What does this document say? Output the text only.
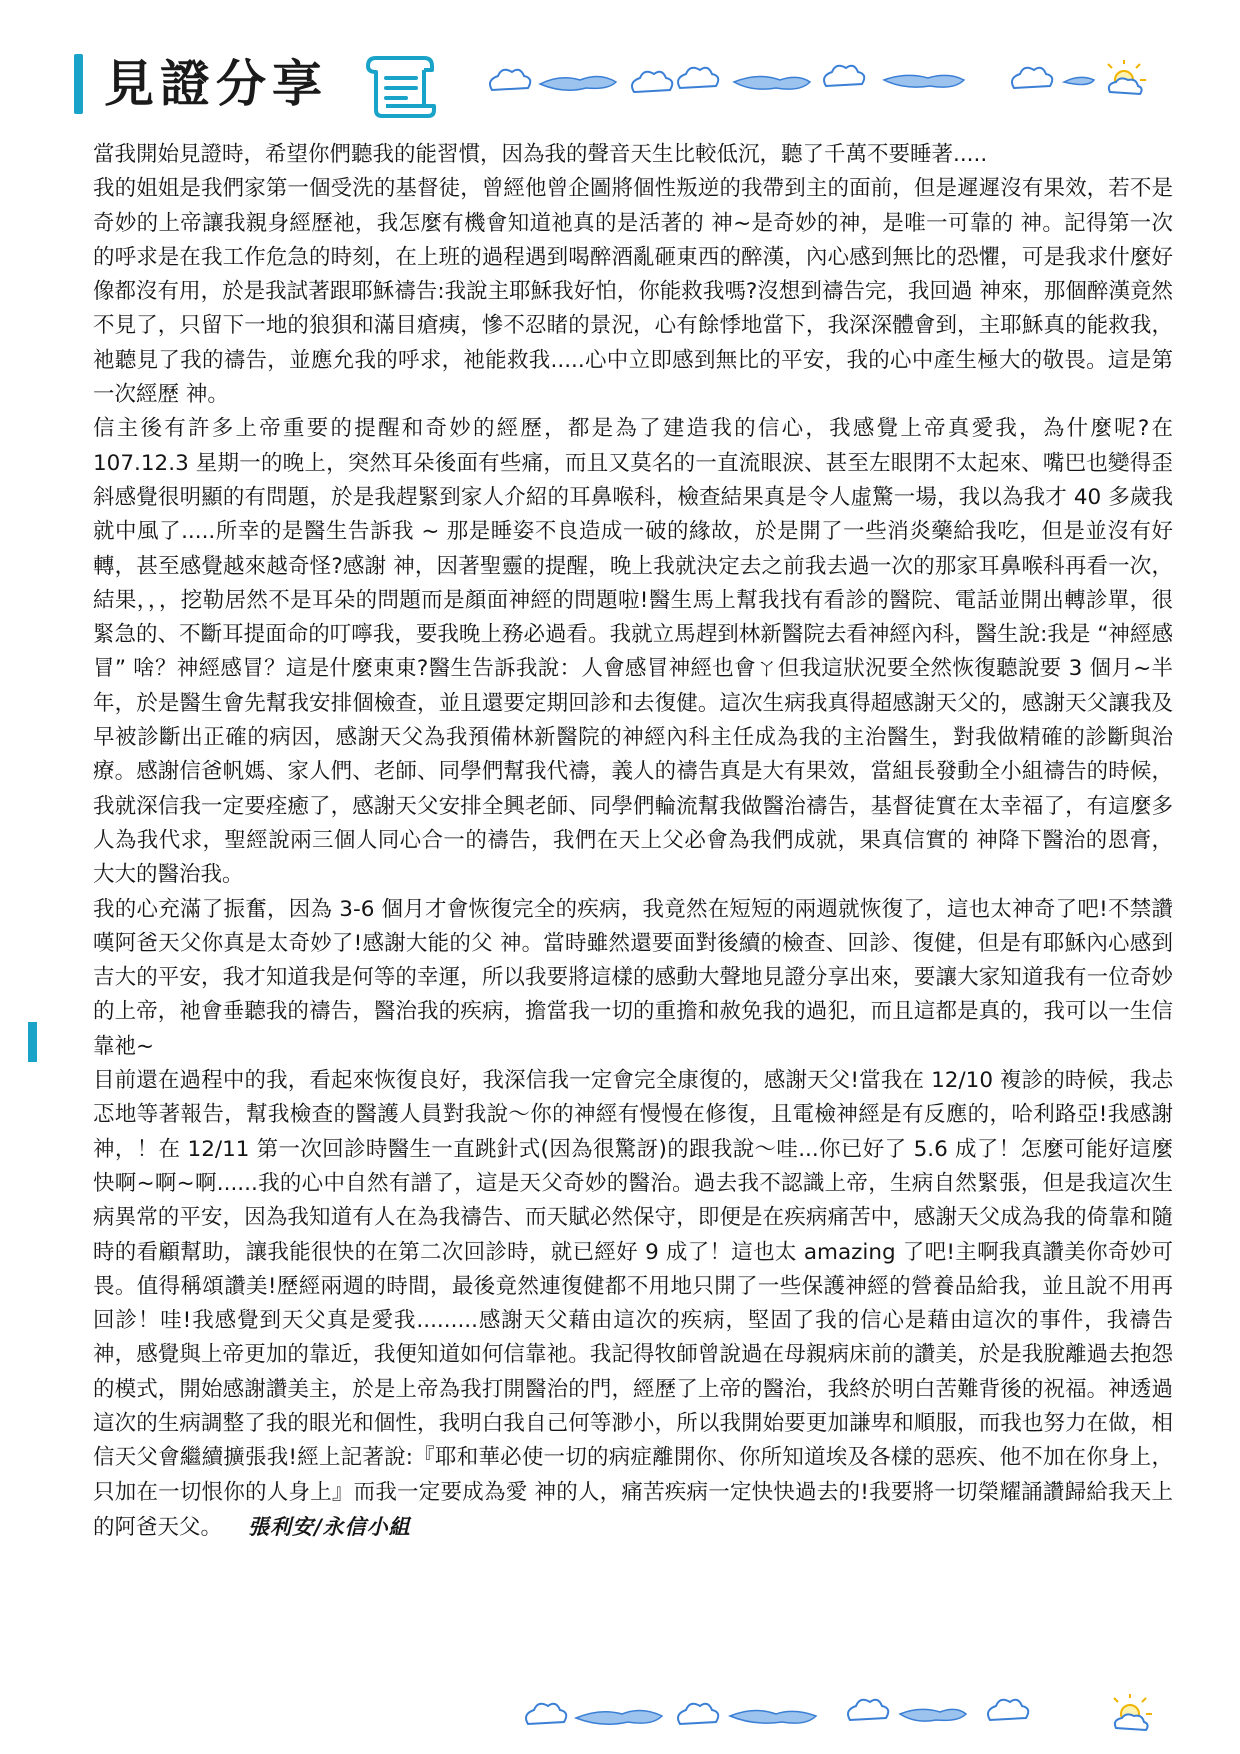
見證分享

當我開始見證時，希望你們聽我的能習慣，因為我的聲音天生比較低沉，聽了千萬不要睡著.....

我的姐姐是我們家第一個受洗的基督徒，曾經他曾企圖將個性叛逆的我帶到主的面前，但是遲遲沒有果效，若不是奇妙的上帝讓我親身經歷祂，我怎麼有機會知道祂真的是活著的 神~是奇妙的神，是唯一可靠的 神。記得第一次的呼求是在我工作危急的時刻，在上班的過程遇到喝醉酒亂砸東西的醉漢，內心感到無比的恐懼，可是我求什麼好像都沒有用，於是我試著跟耶穌禱告:我說主耶穌我好怕，你能救我嗎?沒想到禱告完，我回過 神來，那個醉漢竟然不見了，只留下一地的狼狽和滿目瘡痍，慘不忍睹的景況，心有餘悸地當下，我深深體會到，主耶穌真的能救我，祂聽見了我的禱告，並應允我的呼求，祂能救我.....心中立即感到無比的平安，我的心中產生極大的敬畏。這是第一次經歷 神。

信主後有許多上帝重要的提醒和奇妙的經歷，都是為了建造我的信心，我感覺上帝真愛我，為什麼呢?在 107.12.3 星期一的晚上，突然耳朵後面有些痛，而且又莫名的一直流眼淚、甚至左眼閉不太起來、嘴巴也變得歪斜感覺很明顯的有問題，於是我趕緊到家人介紹的耳鼻喉科，檢查結果真是令人虛驚一場，我以為我才 40 多歲我就中風了.....所幸的是醫生告訴我 ~ 那是睡姿不良造成一破的緣故，於是開了一些消炎藥給我吃，但是並沒有好轉，甚至感覺越來越奇怪?感謝 神，因著聖靈的提醒，晚上我就決定去之前我去過一次的那家耳鼻喉科再看一次，結果，，，挖勒居然不是耳朵的問題而是顏面神經的問題啦!醫生馬上幫我找有看診的醫院、電話並開出轉診單，很緊急的、不斷耳提面命的叮嚀我，要我晚上務必過看。我就立馬趕到林新醫院去看神經內科，醫生說:我是 “神經感冒” 啥？神經感冒？這是什麼東東?醫生告訴我說：人會感冒神經也會ㄚ但我這狀況要全然恢復聽說要 3 個月~半年，於是醫生會先幫我安排個檢查，並且還要定期回診和去復健。這次生病我真得超感謝天父的，感謝天父讓我及早被診斷出正確的病因，感謝天父為我預備林新醫院的神經內科主任成為我的主治醫生，對我做精確的診斷與治療。感謝信爸帆媽、家人們、老師、同學們幫我代禱，義人的禱告真是大有果效，當組長發動全小組禱告的時候，我就深信我一定要痊癒了，感謝天父安排全興老師、同學們輪流幫我做醫治禱告，基督徒實在太幸福了，有這麼多人為我代求，聖經說兩三個人同心合一的禱告，我們在天上父必會為我們成就，果真信實的 神降下醫治的恩膏，大大的醫治我。

我的心充滿了振奮，因為 3-6 個月才會恢復完全的疾病，我竟然在短短的兩週就恢復了，這也太神奇了吧!不禁讚嘆阿爸天父你真是太奇妙了!感謝大能的父 神。當時雖然還要面對後續的檢查、回診、復健，但是有耶穌內心感到吉大的平安，我才知道我是何等的幸運，所以我要將這樣的感動大聲地見證分享出來，要讓大家知道我有一位奇妙的上帝，祂會垂聽我的禱告，醫治我的疾病，擔當我一切的重擔和赦免我的過犯，而且這都是真的，我可以一生信靠祂~

目前還在過程中的我，看起來恢復良好，我深信我一定會完全康復的，感謝天父!當我在 12/10 複診的時候，我忐忑地等著報告，幫我檢查的醫護人員對我說～你的神經有慢慢在修復，且電檢神經是有反應的，哈利路亞!我感謝 神，！在 12/11 第一次回診時醫生一直跳針式(因為很驚訝)的跟我說～哇...你已好了 5.6 成了！怎麼可能好這麼快啊~啊~啊......我的心中自然有譜了，這是天父奇妙的醫治。過去我不認識上帝，生病自然緊張，但是我這次生病異常的平安，因為我知道有人在為我禱告、而天賦必然保守，即便是在疾病痛苦中，感謝天父成為我的倚靠和隨時的看顧幫助，讓我能很快的在第二次回診時，就已經好 9 成了！這也太 amazing 了吧!主啊我真讚美你奇妙可畏。值得稱頌讚美!歷經兩週的時間，最後竟然連復健都不用地只開了一些保護神經的營養品給我，並且說不用再回診！哇!我感覺到天父真是愛我.........感謝天父藉由這次的疾病，堅固了我的信心是藉由這次的事件，我禱告 神，感覺與上帝更加的靠近，我便知道如何信靠祂。我記得牧師曾說過在母親病床前的讚美，於是我脫離過去抱怨的模式，開始感謝讚美主，於是上帝為我打開醫治的門，經歷了上帝的醫治，我終於明白苦難背後的祝福。神透過這次的生病調整了我的眼光和個性，我明白我自己何等渺小，所以我開始要更加謙卑和順服，而我也努力在做，相信天父會繼續擴張我!經上記著說:『耶和華必使一切的病症離開你、你所知道埃及各樣的惡疾、他不加在你身上，只加在一切恨你的人身上』而我一定要成為愛 神的人，痛苦疾病一定快快過去的!我要將一切榮耀誦讚歸給我天上的阿爸天父。 張利安/永信小組
